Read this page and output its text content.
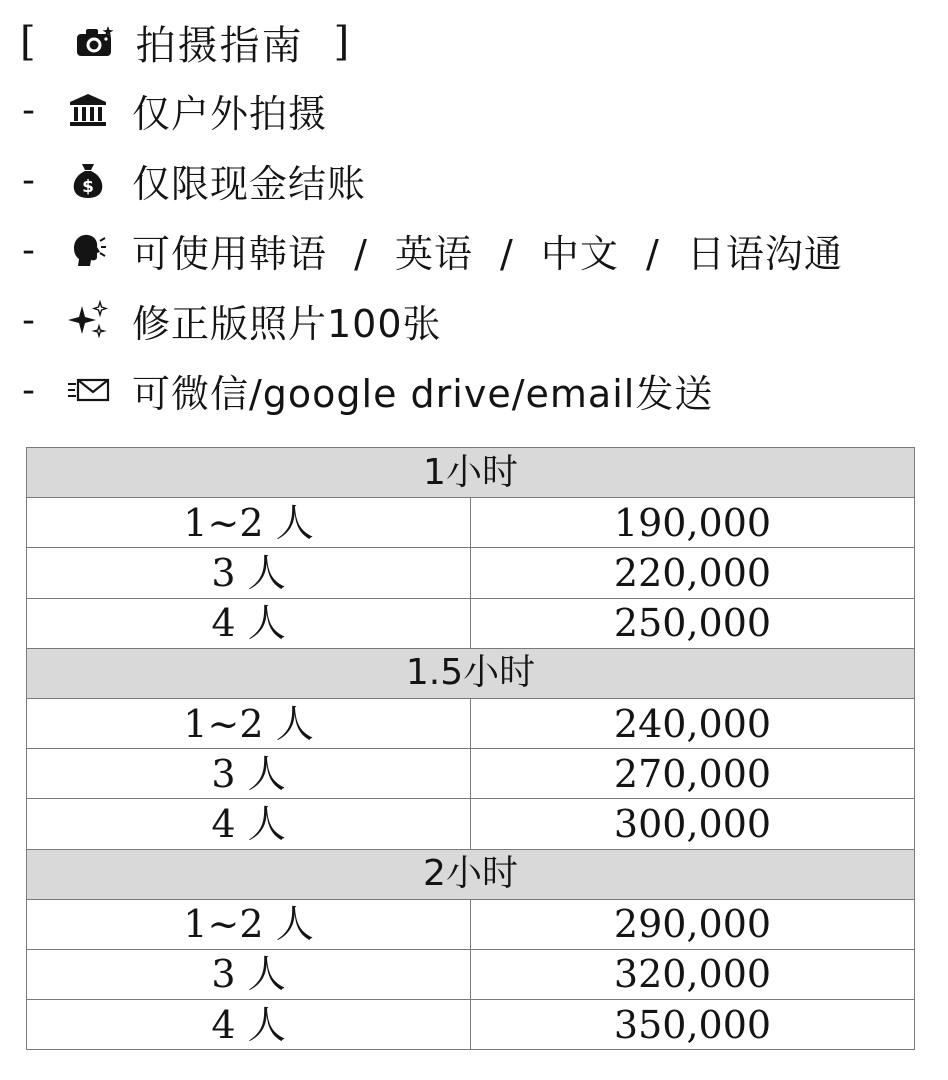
[	拍摄指南 ]
-	仅户外拍摄
-	$ 仅限现金结账
-	可使用韩语 / 英语 / 中文 / 日语沟通
-	修正版照片100张
-	可微信/google drive/email发送
1小时	
1~2 人	190,000
3 人	220,000
4 人	250,000
1.5小时	
1~2 人	240,000
3 人	270,000
4 人	300,000
2小时	
1~2 人	290,000
3 人	320,000
4 人	350,000
